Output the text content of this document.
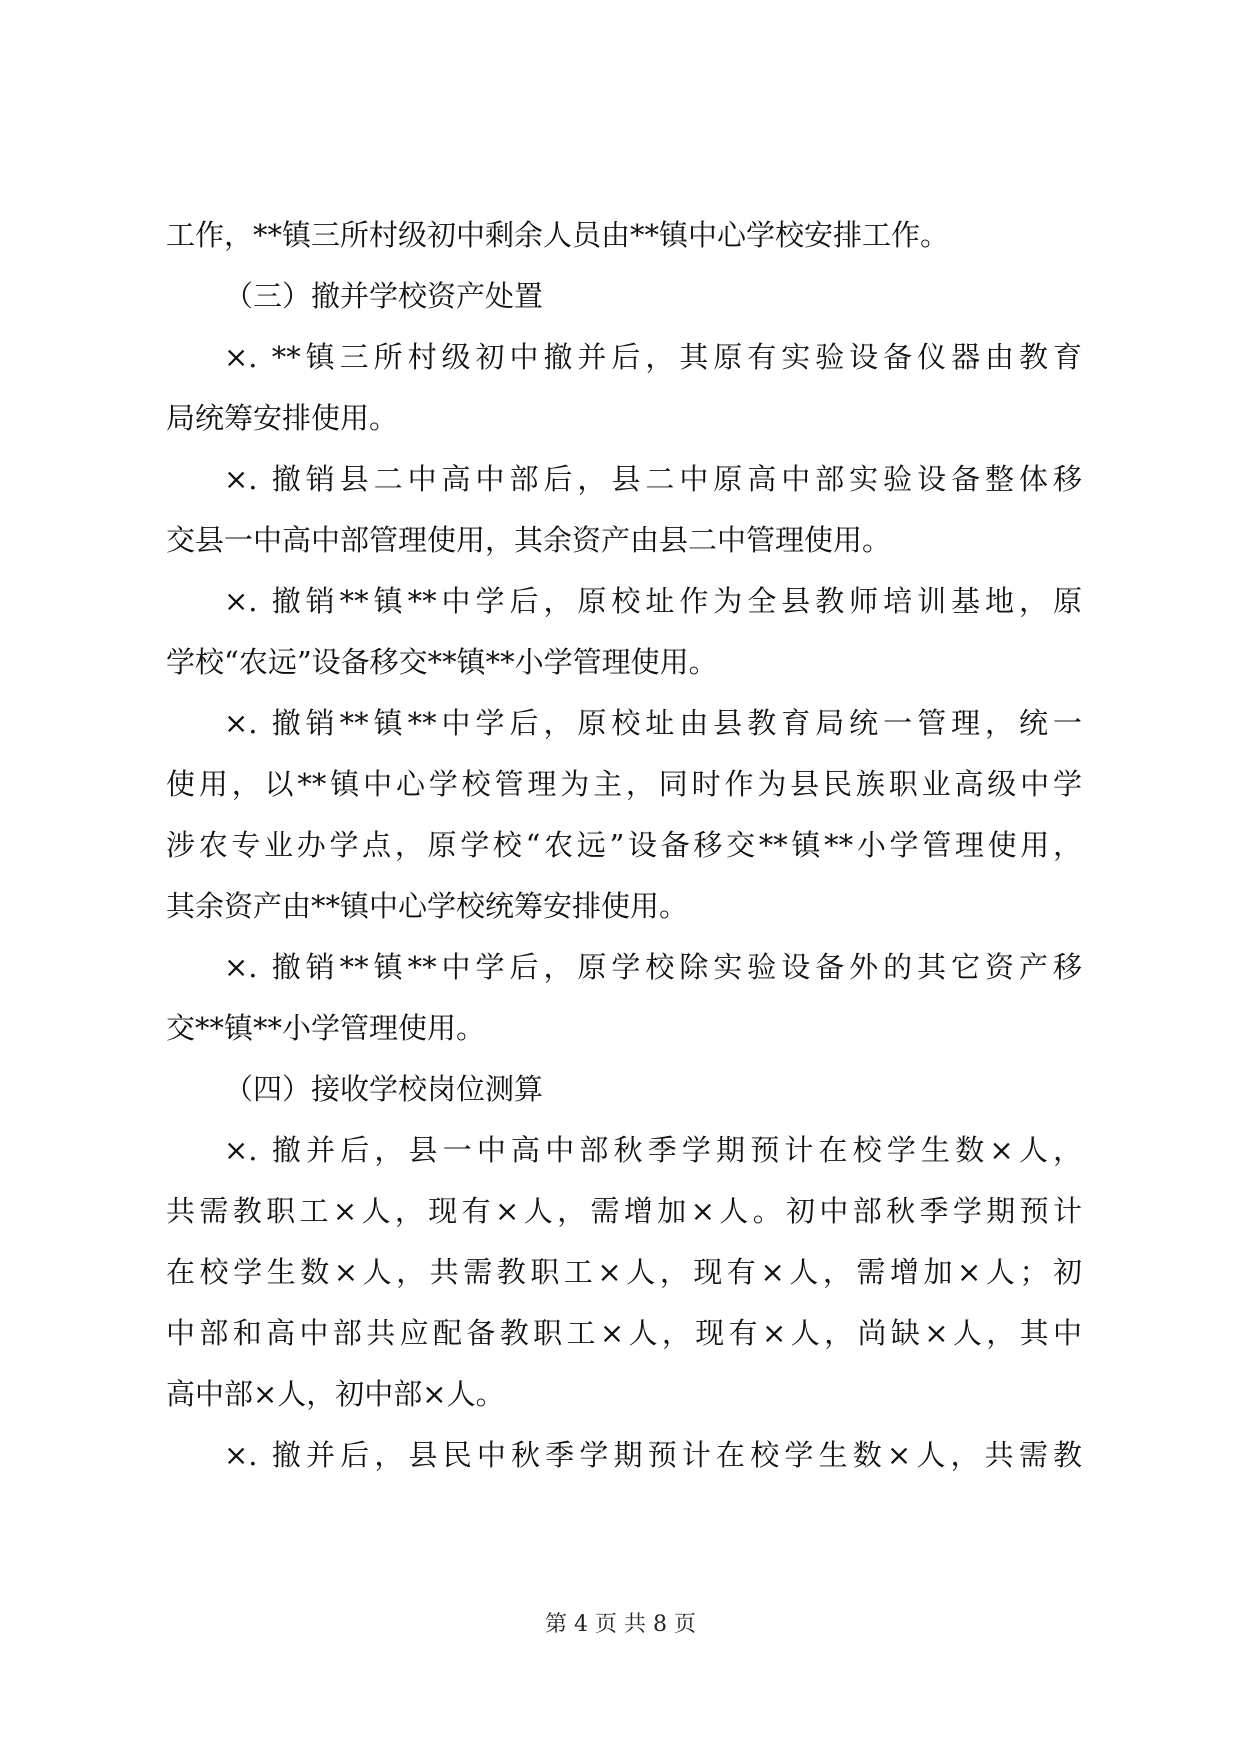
工作，**镇三所村级初中剩余人员由**镇中心学校安排工作。
（三）撤并学校资产处置
×. **镇三所村级初中撤并后，其原有实验设备仪器由教育
局统筹安排使用。
×. 撤销县二中高中部后，县二中原高中部实验设备整体移
交县一中高中部管理使用，其余资产由县二中管理使用。
×. 撤销**镇**中学后，原校址作为全县教师培训基地，原
学校“农远”设备移交**镇**小学管理使用。
×. 撤销**镇**中学后，原校址由县教育局统一管理，统一
使用，以**镇中心学校管理为主，同时作为县民族职业高级中学
涉农专业办学点，原学校“农远”设备移交**镇**小学管理使用，
其余资产由**镇中心学校统筹安排使用。
×. 撤销**镇**中学后，原学校除实验设备外的其它资产移
交**镇**小学管理使用。
（四）接收学校岗位测算
×. 撤并后，县一中高中部秋季学期预计在校学生数×人，
共需教职工×人，现有×人，需增加×人。初中部秋季学期预计
在校学生数×人，共需教职工×人，现有×人，需增加×人；初
中部和高中部共应配备教职工×人，现有×人，尚缺×人，其中
高中部×人，初中部×人。
×. 撤并后，县民中秋季学期预计在校学生数×人，共需教
第 4 页 共 8 页
